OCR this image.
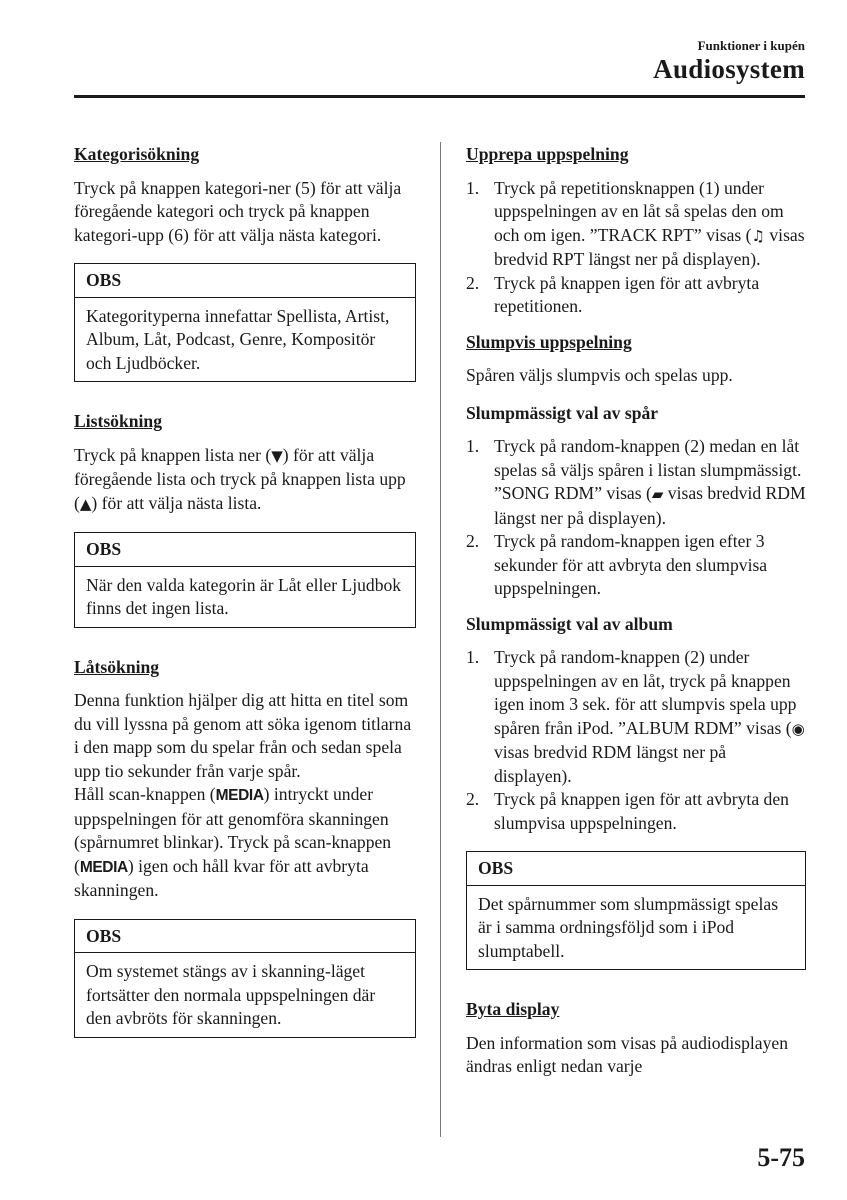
Funktioner i kupén
Audiosystem

Kategorisökning

Tryck på knappen kategori-ner (5) för att välja föregående kategori och tryck på knappen kategori-upp (6) för att välja nästa kategori.

OBS
Kategorityperna innefattar Spellista, Artist, Album, Låt, Podcast, Genre, Kompositör och Ljudböcker.

Listsökning

Tryck på knappen lista ner (▼) för att välja föregående lista och tryck på knappen lista upp (▲) för att välja nästa lista.

OBS
När den valda kategorin är Låt eller Ljudbok finns det ingen lista.

Låtsökning

Denna funktion hjälper dig att hitta en titel som du vill lyssna på genom att söka igenom titlarna i den mapp som du spelar från och sedan spela upp tio sekunder från varje spår.

Håll scan-knappen (MEDIA) intryckt under uppspelningen för att genomföra skanningen (spårnumret blinkar). Tryck på scan-knappen (MEDIA) igen och håll kvar för att avbryta skanningen.

OBS
Om systemet stängs av i skanning-läget fortsätter den normala uppspelningen där den avbröts för skanningen.

Upprepa uppspelning

1. Tryck på repetitionsknappen (1) under uppspelningen av en låt så spelas den om och om igen. ”TRACK RPT” visas (♫ visas bredvid RPT längst ner på displayen).
2. Tryck på knappen igen för att avbryta repetitionen.

Slumpvis uppspelning

Spåren väljs slumpvis och spelas upp.

Slumpmässigt val av spår

1. Tryck på random-knappen (2) medan en låt spelas så väljs spåren i listan slumpmässigt. ”SONG RDM” visas (▰ visas bredvid RDM längst ner på displayen).
2. Tryck på random-knappen igen efter 3 sekunder för att avbryta den slumpvisa uppspelningen.

Slumpmässigt val av album

1. Tryck på random-knappen (2) under uppspelningen av en låt, tryck på knappen igen inom 3 sek. för att slumpvis spela upp spåren från iPod. ”ALBUM RDM” visas (◉ visas bredvid RDM längst ner på displayen).
2. Tryck på knappen igen för att avbryta den slumpvisa uppspelningen.
OBS
Det spårnummer som slumpmässigt spelas är i samma ordningsföljd som i iPod slumptabell.

Byta display

Den information som visas på audiodisplayen ändras enligt nedan varje

5-75
